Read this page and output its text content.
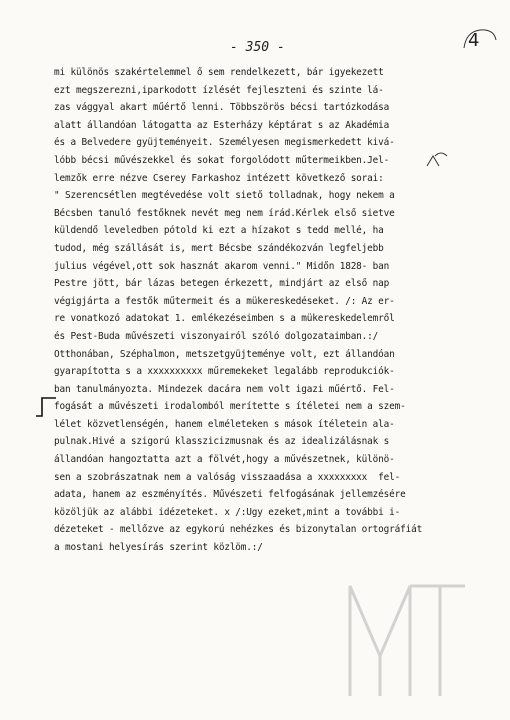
- 350 -	4
mi különös szakértelemmel ő sem rendelkezett, bár igyekezett
ezt megszerezni,iparkodott ízlését fejleszteni és szinte lá-
zas vággyal akart műértő lenni. Többszörös bécsi tartózkodása
alatt állandóan látogatta az Esterházy képtárat s az Akadémia
és a Belvedere gyüjteményeit. Személyesen megismerkedett kivá-
lóbb bécsi művészekkel és sokat forgolódott műtermeikben.Jel-
lemzők erre nézve Cserey Farkashoz intézett következő sorai:
" Szerencsétlen megtévedése volt siető tolladnak, hogy nekem a
Bécsben tanuló festőknek nevét meg nem írád.Kérlek első sietve
küldendő leveledben pótold ki ezt a hízakot s tedd mellé, ha
tudod, még szállását is, mert Bécsbe szándékozván legfeljebb
julius végével,ott sok hasznát akarom venni." Midőn 1828- ban
Pestre jött, bár lázas betegen érkezett, mindjárt az első nap
végigjárta a festők műtermeit és a mükereskedéseket. /: Az er-
re vonatkozó adatokat 1. emlékezéseimben s a mükereskedelemről
és Pest-Buda művészeti viszonyairól szóló dolgozataimban.:/
Otthonában, Széphalmon, metszetgyüjteménye volt, ezt állandóan
gyarapította s a xxxxxxxxxx műremekeket legalább reprodukciók-
ban tanulmányozta. Mindezek dacára nem volt igazi műértő. Fel-
fogását a művészeti irodalomból merítette s ítéletei nem a szem-
lélet közvetlenségén, hanem elméleteken s mások ítéletein ala-
pulnak.Hivé a szigorú klasszicizmusnak és az idealizálásnak s
állandóan hangoztatta azt a fölvét,hogy a művészetnek, különö-
sen a szobrászatnak nem a valóság visszaadása a xxxxxxxxx  fel-
adata, hanem az eszményítés. Művészeti felfogásának jellemzésére
közöljük az alábbi idézeteket. x /:Ugy ezeket,mint a további i-
dézeteket - mellőzve az egykorú nehézkes és bizonytalan ortográfiát
a mostani helyesírás szerint közlöm.:/
